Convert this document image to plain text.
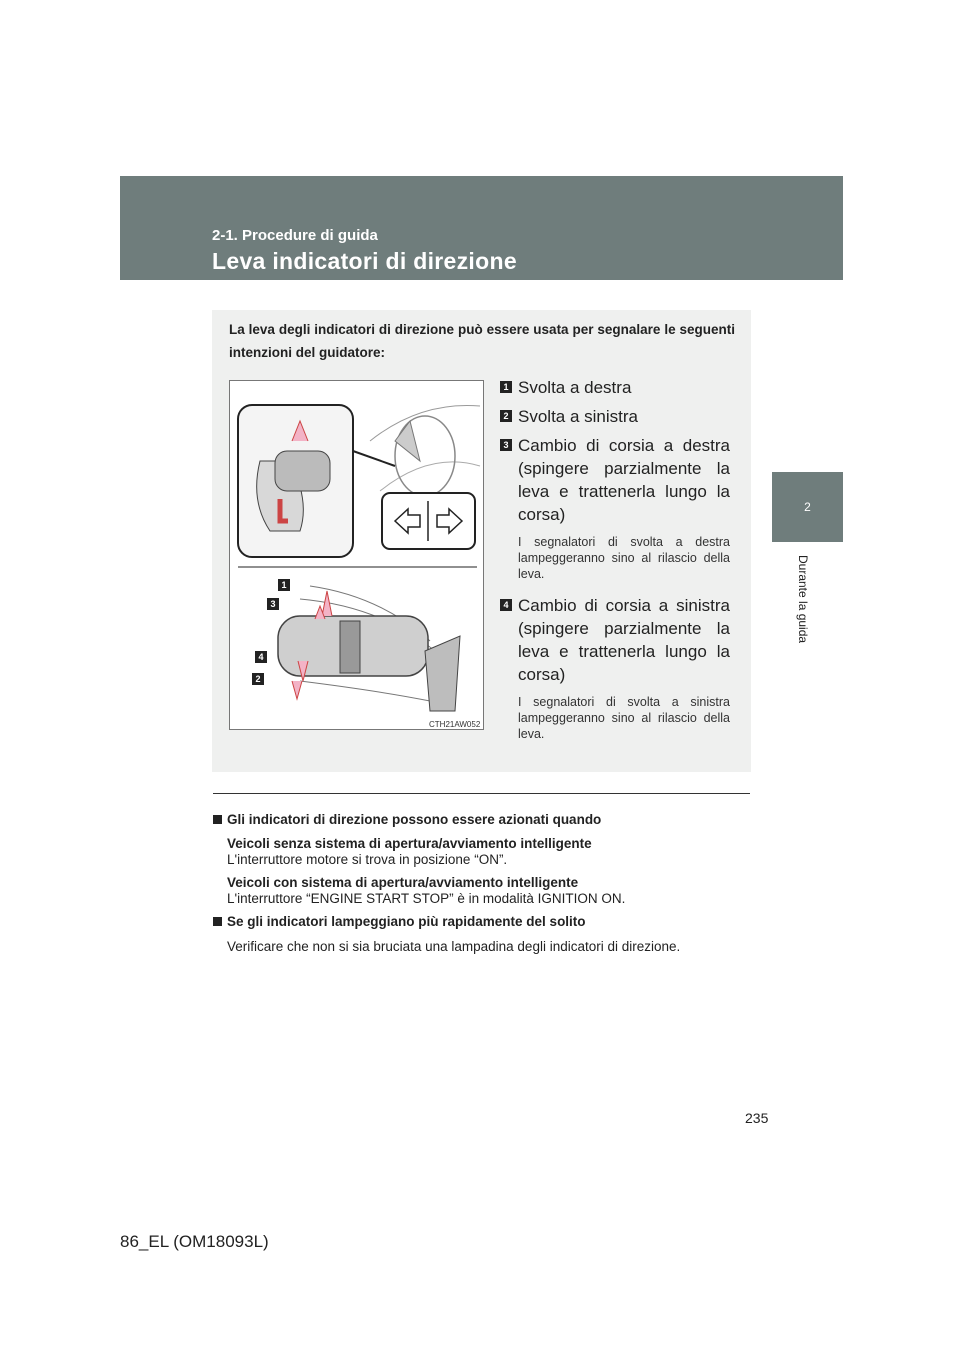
2-1. Procedure di guida
Leva indicatori di direzione
2
Durante la guida
La leva degli indicatori di direzione può essere usata per segnalare le seguenti intenzioni del guidatore:
1
3
4
2
CTH21AW052
1 Svolta a destra
2 Svolta a sinistra
3 Cambio di corsia a destra (spingere parzialmente la leva e trattenerla lungo la corsa)
I segnalatori di svolta a destra lampeggeranno sino al rilascio della leva.
4 Cambio di corsia a sinistra (spingere parzialmente la leva e trattenerla lungo la corsa)
I segnalatori di svolta a sinistra lampeggeranno sino al rilascio della leva.
Gli indicatori di direzione possono essere azionati quando
Veicoli senza sistema di apertura/avviamento intelligente
L'interruttore motore si trova in posizione “ON”.
Veicoli con sistema di apertura/avviamento intelligente
L'interruttore “ENGINE START STOP” è in modalità IGNITION ON.
Se gli indicatori lampeggiano più rapidamente del solito
Verificare che non si sia bruciata una lampadina degli indicatori di direzione.
235
86_EL (OM18093L)
